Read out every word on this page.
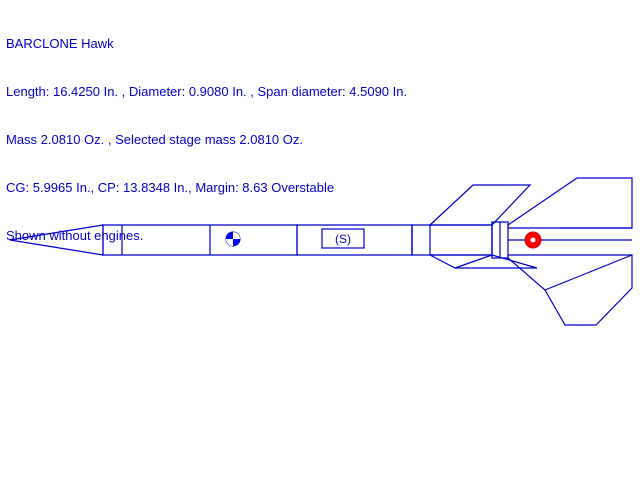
BARCLONE Hawk

Length: 16.4250 In. , Diameter: 0.9080 In. , Span diameter: 4.5090 In.

Mass 2.0810 Oz. , Selected stage mass 2.0810 Oz.

CG: 5.9965 In., CP: 13.8348 In., Margin: 8.63 Overstable

Shown without engines.

	(S)
